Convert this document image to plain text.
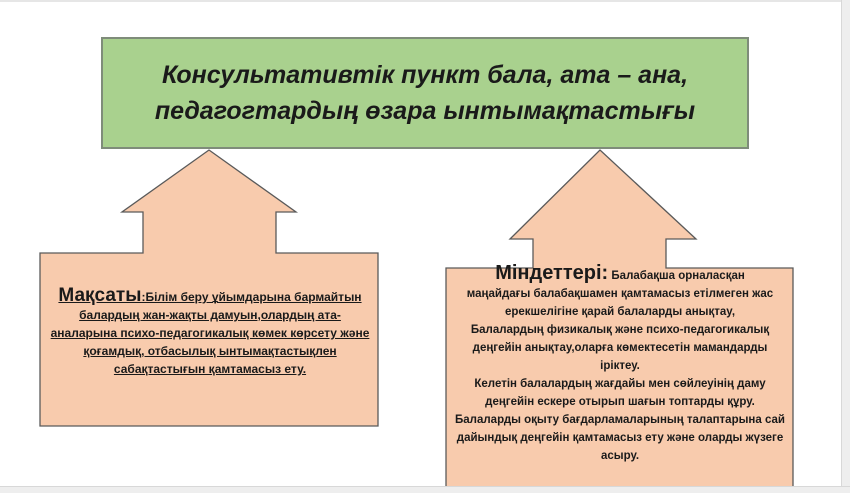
Консультативтік пункт бала, ата – ана,
педагогтардың өзара ынтымақтастығы

Мақсаты:Білім беру ұйымдарына бармайтын балардың жан-жақты дамуын,олардың ата-аналарына психо-педагогикалық көмек көрсету және қоғамдық, отбасылық ынтымақтастықлен сабақтастығын қамтамасыз ету.
Міндеттері: Балабақша орналасқан
маңайдағы балабақшамен қамтамасыз етілмеген жас ерекшелігіне қарай балаларды анықтау,
Балалардың физикалық және психо-педагогикалық деңгейін анықтау,оларға көмектесетін мамандарды іріктеу.
Келетін балалардың жағдайы мен сөйлеуінің даму деңгейін ескере отырып шағын топтарды құру.
Балаларды оқыту бағдарламаларының талаптарына сай дайындық деңгейін қамтамасыз ету және оларды жүзеге асыру.
